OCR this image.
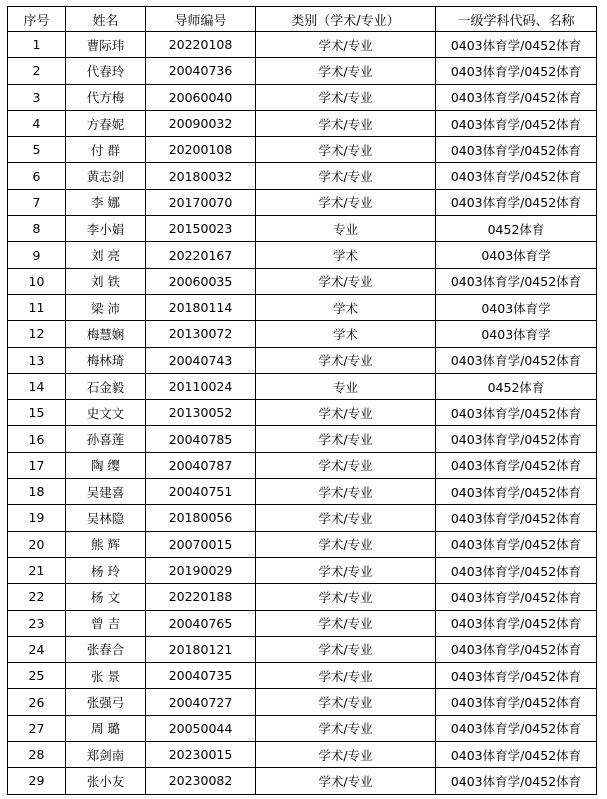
序号	姓名	导师编号	类别（学术/专业）	一级学科代码、名称
1	曹际玮	20220108	学术/专业	0403体育学/0452体育
2	代春玲	20040736	学术/专业	0403体育学/0452体育
3	代方梅	20060040	学术/专业	0403体育学/0452体育
4	方春妮	20090032	学术/专业	0403体育学/0452体育
5	付 群	20200108	学术/专业	0403体育学/0452体育
6	黄志剑	20180032	学术/专业	0403体育学/0452体育
7	李 娜	20170070	学术/专业	0403体育学/0452体育
8	李小娟	20150023	专业	0452体育
9	刘 亮	20220167	学术	0403体育学
10	刘 铁	20060035	学术/专业	0403体育学/0452体育
11	梁 沛	20180114	学术	0403体育学
12	梅慧娴	20130072	学术	0403体育学
13	梅林琦	20040743	学术/专业	0403体育学/0452体育
14	石金毅	20110024	专业	0452体育
15	史文文	20130052	学术/专业	0403体育学/0452体育
16	孙喜莲	20040785	学术/专业	0403体育学/0452体育
17	陶 缨	20040787	学术/专业	0403体育学/0452体育
18	吴建喜	20040751	学术/专业	0403体育学/0452体育
19	吴林隐	20180056	学术/专业	0403体育学/0452体育
20	熊 辉	20070015	学术/专业	0403体育学/0452体育
21	杨 玲	20190029	学术/专业	0403体育学/0452体育
22	杨 文	20220188	学术/专业	0403体育学/0452体育
23	曾 吉	20040765	学术/专业	0403体育学/0452体育
24	张春合	20180121	学术/专业	0403体育学/0452体育
25	张 景	20040735	学术/专业	0403体育学/0452体育
26	张强弓	20040727	学术/专业	0403体育学/0452体育
27	周 璐	20050044	学术/专业	0403体育学/0452体育
28	郑剑南	20230015	学术/专业	0403体育学/0452体育
29	张小友	20230082	学术/专业	0403体育学/0452体育
